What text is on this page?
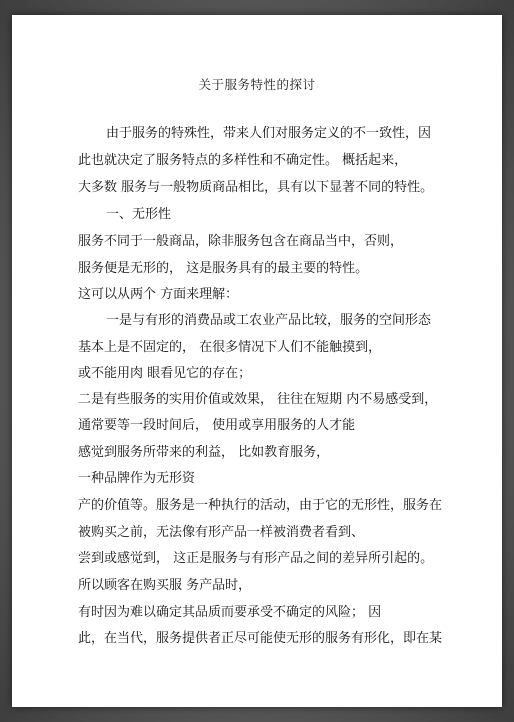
关于服务特性的探讨
由于服务的特殊性，带来人们对服务定义的不一致性，因
此也就决定了服务特点的多样性和不确定性。 概括起来，
大多数 服务与一般物质商品相比，具有以下显著不同的特性。
一、无形性
服务不同于一般商品，除非服务包含在商品当中，否则，
服务便是无形的， 这是服务具有的最主要的特性。
这可以从两个 方面来理解：
一是与有形的消费品或工农业产品比较，服务的空间形态
基本上是不固定的， 在很多情况下人们不能触摸到，
或不能用肉 眼看见它的存在；
二是有些服务的实用价值或效果， 往往在短期 内不易感受到，
通常要等一段时间后， 使用或享用服务的人才能
感觉到服务所带来的利益， 比如教育服务，
一种品牌作为无形资
产的价值等。服务是一种执行的活动，由于它的无形性，服务在
被购买之前，无法像有形产品一样被消费者看到、
尝到或感觉到， 这正是服务与有形产品之间的差异所引起的。
所以顾客在购买服 务产品时，
有时因为难以确定其品质而要承受不确定的风险； 因
此，在当代，服务提供者正尽可能使无形的服务有形化，即在某
